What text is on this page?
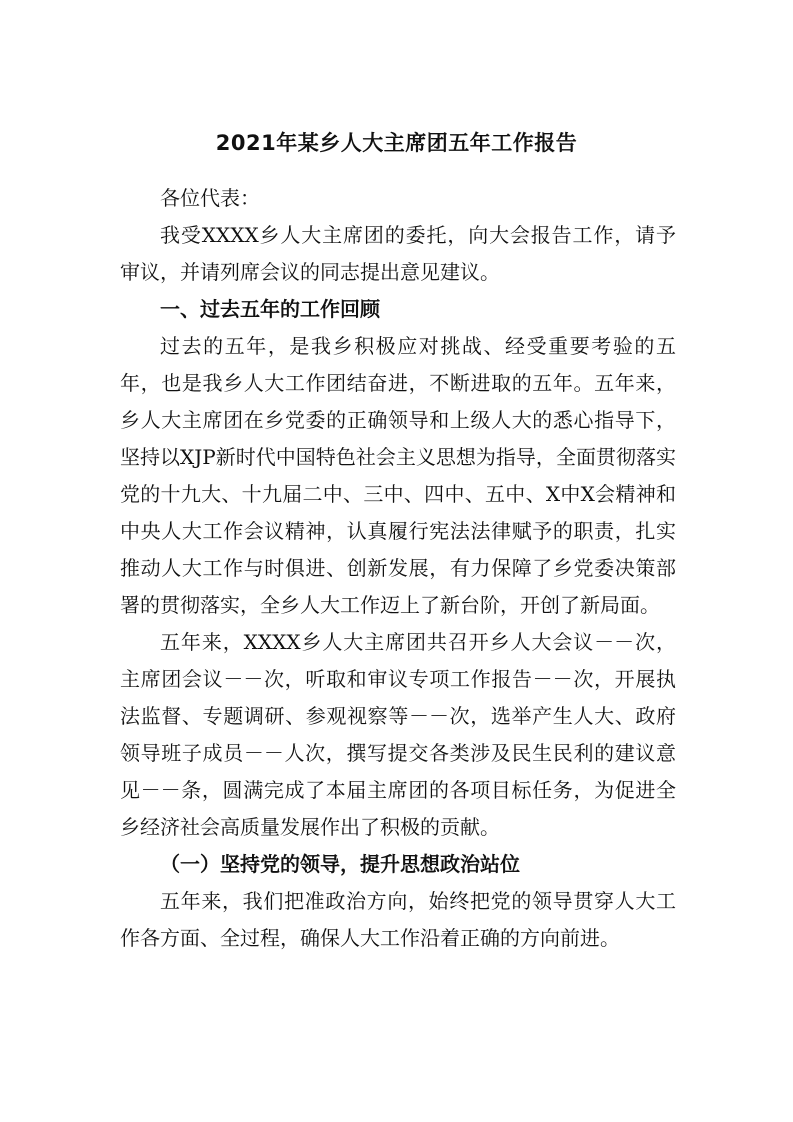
2021年某乡人大主席团五年工作报告

各位代表：

我受XXXX乡人大主席团的委托，向大会报告工作，请予审议，并请列席会议的同志提出意见建议。

一、过去五年的工作回顾

过去的五年，是我乡积极应对挑战、经受重要考验的五年，也是我乡人大工作团结奋进，不断进取的五年。五年来，乡人大主席团在乡党委的正确领导和上级人大的悉心指导下，坚持以XJP新时代中国特色社会主义思想为指导，全面贯彻落实党的十九大、十九届二中、三中、四中、五中、X中X会精神和中央人大工作会议精神，认真履行宪法法律赋予的职责，扎实推动人大工作与时俱进、创新发展，有力保障了乡党委决策部署的贯彻落实，全乡人大工作迈上了新台阶，开创了新局面。

五年来，XXXX乡人大主席团共召开乡人大会议－－次，主席团会议－－次，听取和审议专项工作报告－－次，开展执法监督、专题调研、参观视察等－－次，选举产生人大、政府领导班子成员－－人次，撰写提交各类涉及民生民利的建议意见－－条，圆满完成了本届主席团的各项目标任务，为促进全乡经济社会高质量发展作出了积极的贡献。

（一）坚持党的领导，提升思想政治站位

五年来，我们把准政治方向，始终把党的领导贯穿人大工作各方面、全过程，确保人大工作沿着正确的方向前进。
